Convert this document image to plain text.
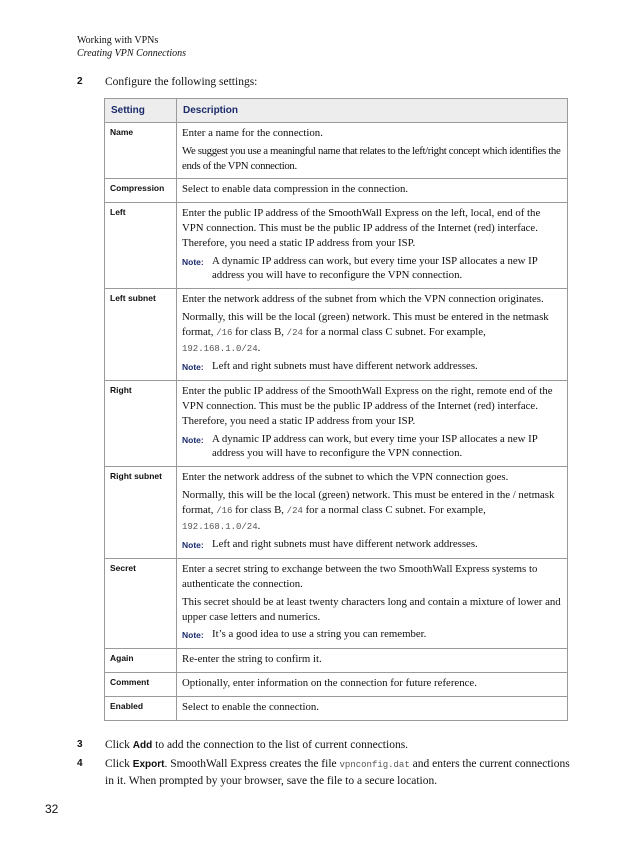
Working with VPNs
Creating VPN Connections
2 Configure the following settings:
Setting	Description
Name	Enter a name for the connection.

We suggest you use a meaningful name that relates to the left/right concept which identifies the ends of the VPN connection.

Compression	Select to enable data compression in the connection.

Left	Enter the public IP address of the SmoothWall Express on the left, local, end of the VPN connection. This must be the public IP address of the Internet (red) interface. Therefore, you need a static IP address from your ISP.

Note: A dynamic IP address can work, but every time your ISP allocates a new IP address you will have to reconfigure the VPN connection.

Left subnet	Enter the network address of the subnet from which the VPN connection originates.

Normally, this will be the local (green) network. This must be entered in the netmask format, /16 for class B, /24 for a normal class C subnet. For example, 192.168.1.0/24.

Note: Left and right subnets must have different network addresses.

Right	Enter the public IP address of the SmoothWall Express on the right, remote end of the VPN connection. This must be the public IP address of the Internet (red) interface. Therefore, you need a static IP address from your ISP.

Note: A dynamic IP address can work, but every time your ISP allocates a new IP address you will have to reconfigure the VPN connection.

Right subnet	Enter the network address of the subnet to which the VPN connection goes.

Normally, this will be the local (green) network. This must be entered in the / netmask format, /16 for class B, /24 for a normal class C subnet. For example, 192.168.1.0/24.

Note: Left and right subnets must have different network addresses.

Secret	Enter a secret string to exchange between the two SmoothWall Express systems to authenticate the connection.

This secret should be at least twenty characters long and contain a mixture of lower and upper case letters and numerics.

Note: It’s a good idea to use a string you can remember.

Again	Re-enter the string to confirm it.

Comment	Optionally, enter information on the connection for future reference.

Enabled	Select to enable the connection.

3 Click Add to add the connection to the list of current connections.
4 Click Export. SmoothWall Express creates the file vpnconfig.dat and enters the current connections in it. When prompted by your browser, save the file to a secure location.
32
